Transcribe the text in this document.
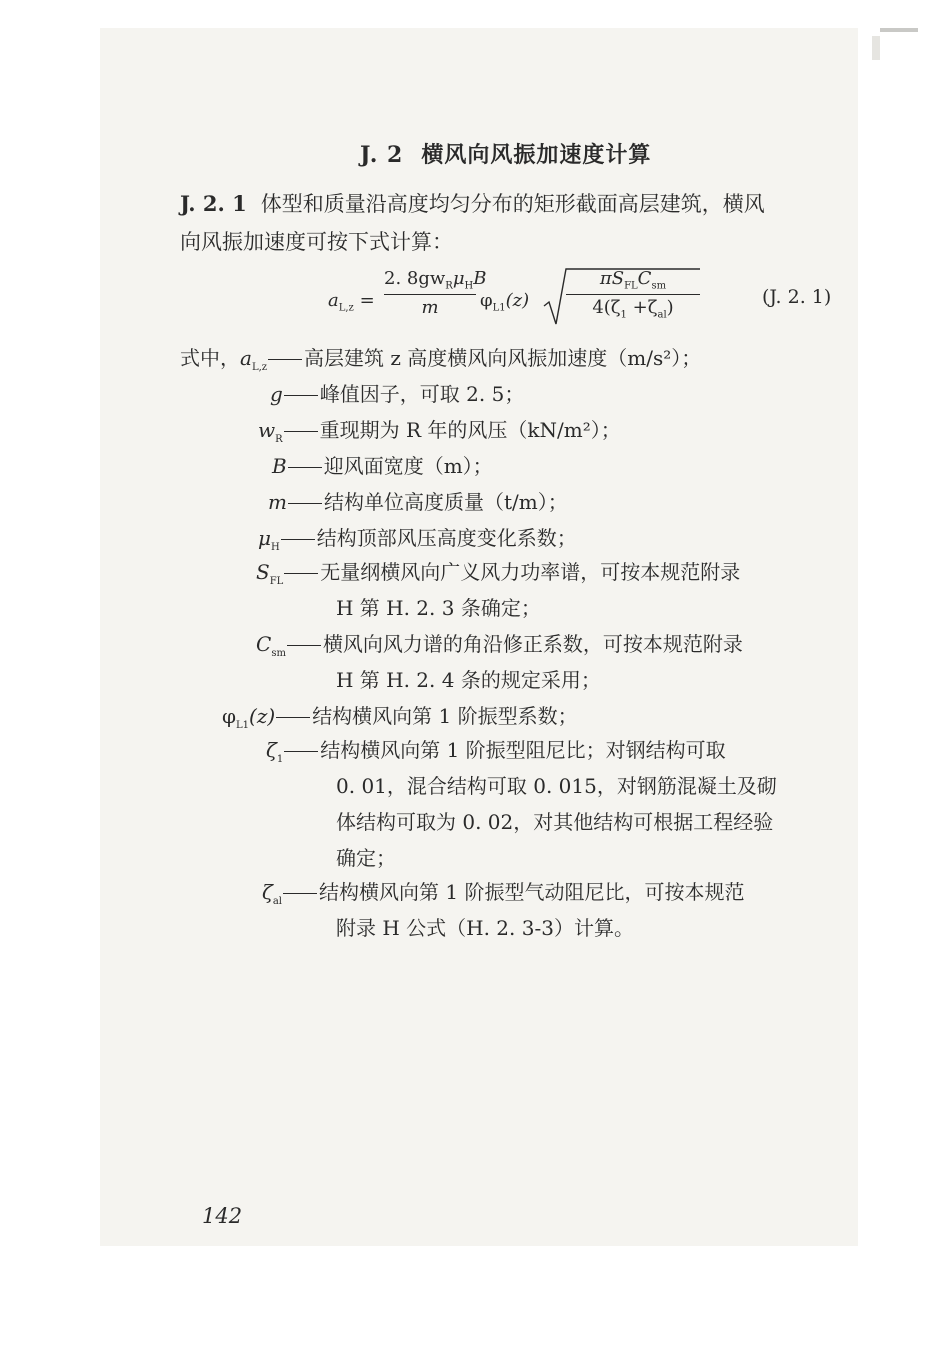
J. 2 横风向风振加速度计算
J. 2. 1 体型和质量沿高度均匀分布的矩形截面高层建筑，横风
向风振加速度可按下式计算：
$a_{L,z}$ =
2. $8gw_R\mu_HB$
m	$\varphi_{L1}(z)$
$\pi S_{FL}C_{sm}$
$4(\zeta_1 +\zeta_{al})$	(J. 2. 1)
式中，$a_{L,z}$ 高层建筑 z 高度横风向风振加速度（m/s²）；
g 峰值因子，可取 2. 5；
$w_R$ 重现期为 R 年的风压（kN/m²）；
B 迎风面宽度（m）；
m 结构单位高度质量（t/m）；
$\mu_H$ 结构顶部风压高度变化系数；
$S_{FL}$ 无量纲横风向广义风力功率谱，可按本规范附录
H 第 H. 2. 3 条确定；
$C_{sm}$ 横风向风力谱的角沿修正系数，可按本规范附录
H 第 H. 2. 4 条的规定采用；
$\varphi_{L1}(z)$ 结构横风向第 1 阶振型系数；
$\zeta_1$ 结构横风向第 1 阶振型阻尼比；对钢结构可取
0. 01，混合结构可取 0. 015，对钢筋混凝土及砌
体结构可取为 0. 02，对其他结构可根据工程经验
确定；
$\zeta_{al}$ 结构横风向第 1 阶振型气动阻尼比，可按本规范
附录 H 公式（H. 2. 3-3）计算。
142
